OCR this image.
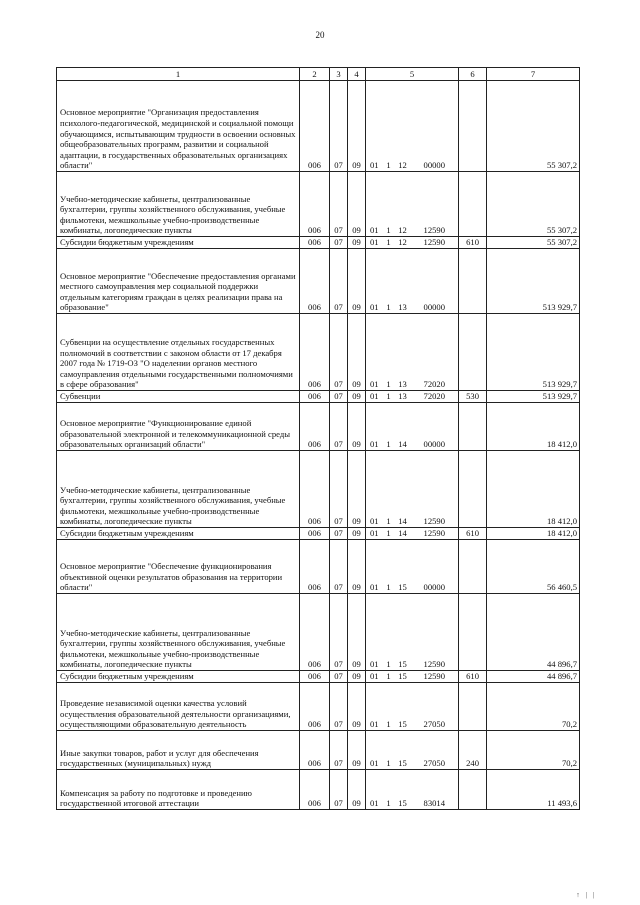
20
1	2	3	4	5				6	7
Основное мероприятие "Организация предоставления психолого-педагогической, медицинской и социальной помощи обучающимся, испытывающим трудности в освоении основных общеобразовательных программ, развитии и социальной адаптации, в государственных образовательных организациях области"	006	07	09	01	1	12	00000		55 307,2
Учебно-методические кабинеты, централизованные бухгалтерии, группы хозяйственного обслуживания, учебные фильмотеки, межшкольные учебно-производственные комбинаты, логопедические пункты	006	07	09	01	1	12	12590		55 307,2
Субсидии бюджетным учреждениям	006	07	09	01	1	12	12590	610	55 307,2
Основное мероприятие "Обеспечение предоставления органами местного самоуправления мер социальной поддержки отдельным категориям граждан в целях реализации права на образование"	006	07	09	01	1	13	00000		513 929,7
Субвенции на осуществление отдельных государственных полномочий в соответствии с законом области от 17 декабря 2007 года № 1719-ОЗ "О наделении органов местного самоуправления отдельными государственными полномочиями в сфере образования"	006	07	09	01	1	13	72020		513 929,7
Субвенции	006	07	09	01	1	13	72020	530	513 929,7
Основное мероприятие "Функционирование единой образовательной электронной и телекоммуникационной среды образовательных организаций области"	006	07	09	01	1	14	00000		18 412,0
Учебно-методические кабинеты, централизованные бухгалтерии, группы хозяйственного обслуживания, учебные фильмотеки, межшкольные учебно-производственные комбинаты, логопедические пункты	006	07	09	01	1	14	12590		18 412,0
Субсидии бюджетным учреждениям	006	07	09	01	1	14	12590	610	18 412,0
Основное мероприятие "Обеспечение функционирования объективной оценки результатов образования на территории области"	006	07	09	01	1	15	00000		56 460,5
Учебно-методические кабинеты, централизованные бухгалтерии, группы хозяйственного обслуживания, учебные фильмотеки, межшкольные учебно-производственные комбинаты, логопедические пункты	006	07	09	01	1	15	12590		44 896,7
Субсидии бюджетным учреждениям	006	07	09	01	1	15	12590	610	44 896,7
Проведение независимой оценки качества условий осуществления образовательной деятельности организациями, осуществляющими образовательную деятельность	006	07	09	01	1	15	27050		70,2
Иные закупки товаров, работ и услуг для обеспечения государственных (муниципальных) нужд	006	07	09	01	1	15	27050	240	70,2
Компенсация за работу по подготовке и проведению государственной итоговой аттестации	006	07	09	01	1	15	83014		11 493,6
↑ | |
